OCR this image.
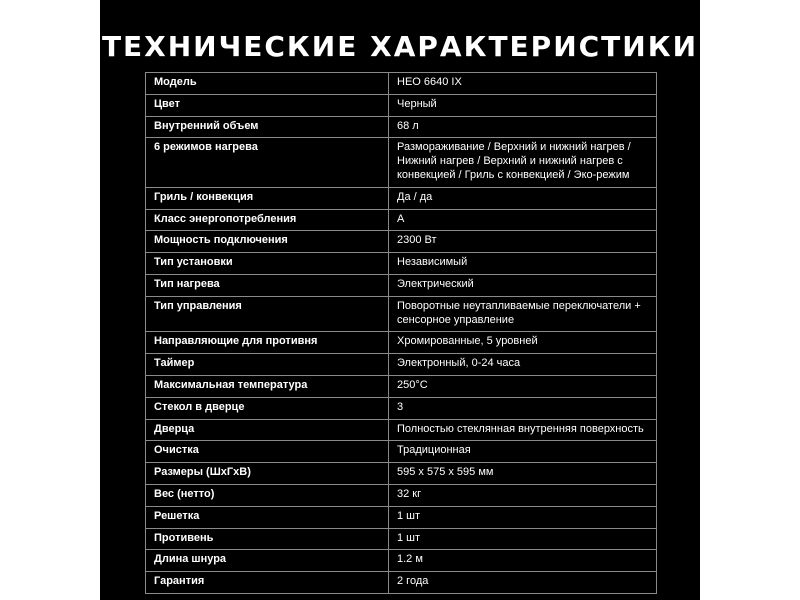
ТЕХНИЧЕСКИЕ ХАРАКТЕРИСТИКИ
Модель	HEO 6640 IX
Цвет	Черный
Внутренний объем	68 л
6 режимов нагрева	Размораживание / Верхний и нижний нагрев / Нижний нагрев / Верхний и нижний нагрев с конвекцией / Гриль с конвекцией / Эко-режим
Гриль / конвекция	Да / да
Класс энергопотребления	А
Мощность подключения	2300 Вт
Тип установки	Независимый
Тип нагрева	Электрический
Тип управления	Поворотные неутапливаемые переключатели + сенсорное управление
Направляющие для противня	Хромированные, 5 уровней
Таймер	Электронный, 0-24 часа
Максимальная температура	250°C
Стекол в дверце	3
Дверца	Полностью стеклянная внутренняя поверхность
Очистка	Традиционная
Размеры (ШхГхВ)	595 х 575 х 595 мм
Вес (нетто)	32 кг
Решетка	1 шт
Противень	1 шт
Длина шнура	1.2 м
Гарантия	2 года
